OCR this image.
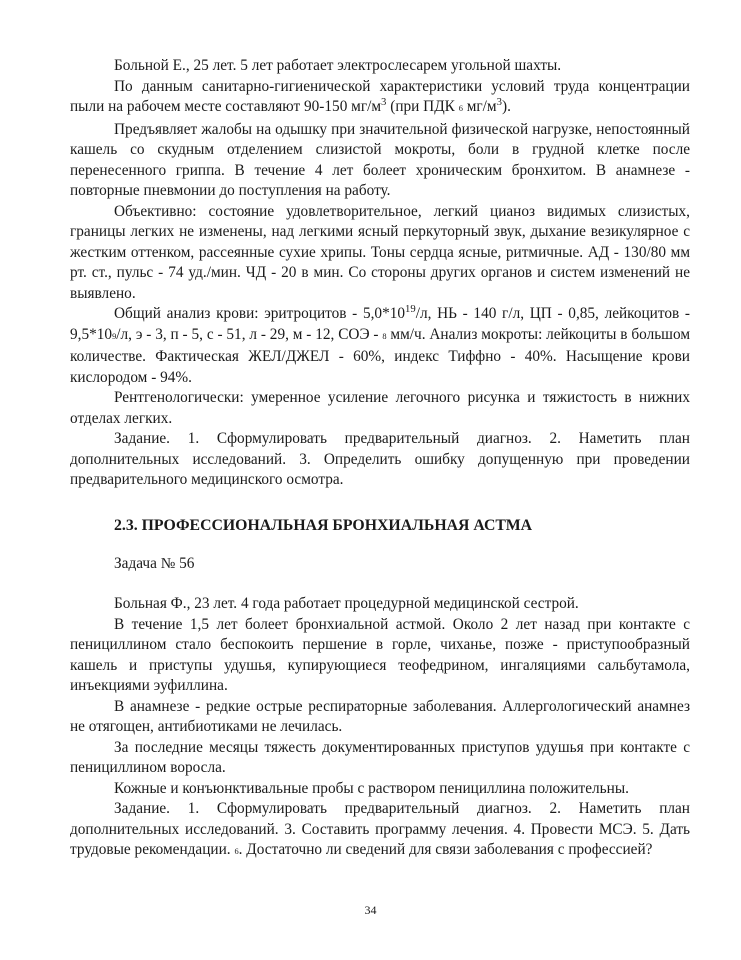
Больной Е., 25 лет. 5 лет работает электрослесарем угольной шахты.

По данным санитарно-гигиенической характеристики условий труда концентрации пыли на рабочем месте составляют 90-150 $мг/м^3$ (при ПДК 6 $мг/м^3$).

Предъявляет жалобы на одышку при значительной физической нагрузке, непостоянный кашель со скудным отделением слизистой мокроты, боли в грудной клетке после перенесенного гриппа. В течение 4 лет болеет хроническим бронхитом. В анамнезе - повторные пневмонии до поступления на работу.

Объективно: состояние удовлетворительное, легкий цианоз видимых слизистых, границы легких не изменены, над легкими ясный перкуторный звук, дыхание везикулярное с жестким оттенком, рассеянные сухие хрипы. Тоны сердца ясные, ритмичные. АД - 130/80 мм рт. ст., пульс - 74 уд./мин. ЧД - 20 в мин. Со стороны других органов и систем изменений не выявлено.

Общий анализ крови: эритроцитов - $5,0*10^{19}/л$, НЬ - 140 г/л, ЦП - 0,85, лейкоцитов - 9,5*109/л, э - 3, п - 5, с - 51, л - 29, м - 12, СОЭ - 8 мм/ч. Анализ мокроты: лейкоциты в большом количестве. Фактическая ЖЕЛ/ДЖЕЛ - 60%, индекс Тиффно - 40%. Насыщение крови кислородом - 94%.

Рентгенологически: умеренное усиление легочного рисунка и тяжистость в нижних отделах легких.

Задание. 1. Сформулировать предварительный диагноз. 2. Наметить план дополнительных исследований. 3. Определить ошибку допущенную при проведении предварительного медицинского осмотра.

2.3. ПРОФЕССИОНАЛЬНАЯ БРОНХИАЛЬНАЯ АСТМА

Задача № 56

Больная Ф., 23 лет. 4 года работает процедурной медицинской сестрой.

В течение 1,5 лет болеет бронхиальной астмой. Около 2 лет назад при контакте с пенициллином стало беспокоить першение в горле, чиханье, позже - приступообразный кашель и приступы удушья, купирующиеся теофедрином, ингаляциями сальбутамола, инъекциями эуфиллина.

В анамнезе - редкие острые респираторные заболевания. Аллергологический анамнез не отягощен, антибиотиками не лечилась.

За последние месяцы тяжесть документированных приступов удушья при контакте с пенициллином воросла.

Кожные и конъюнктивальные пробы с раствором пенициллина положительны.

Задание. 1. Сформулировать предварительный диагноз. 2. Наметить план дополнительных исследований. 3. Составить программу лечения. 4. Провести МСЭ. 5. Дать трудовые рекомендации. 6. Достаточно ли сведений для связи заболевания с профессией?

34
